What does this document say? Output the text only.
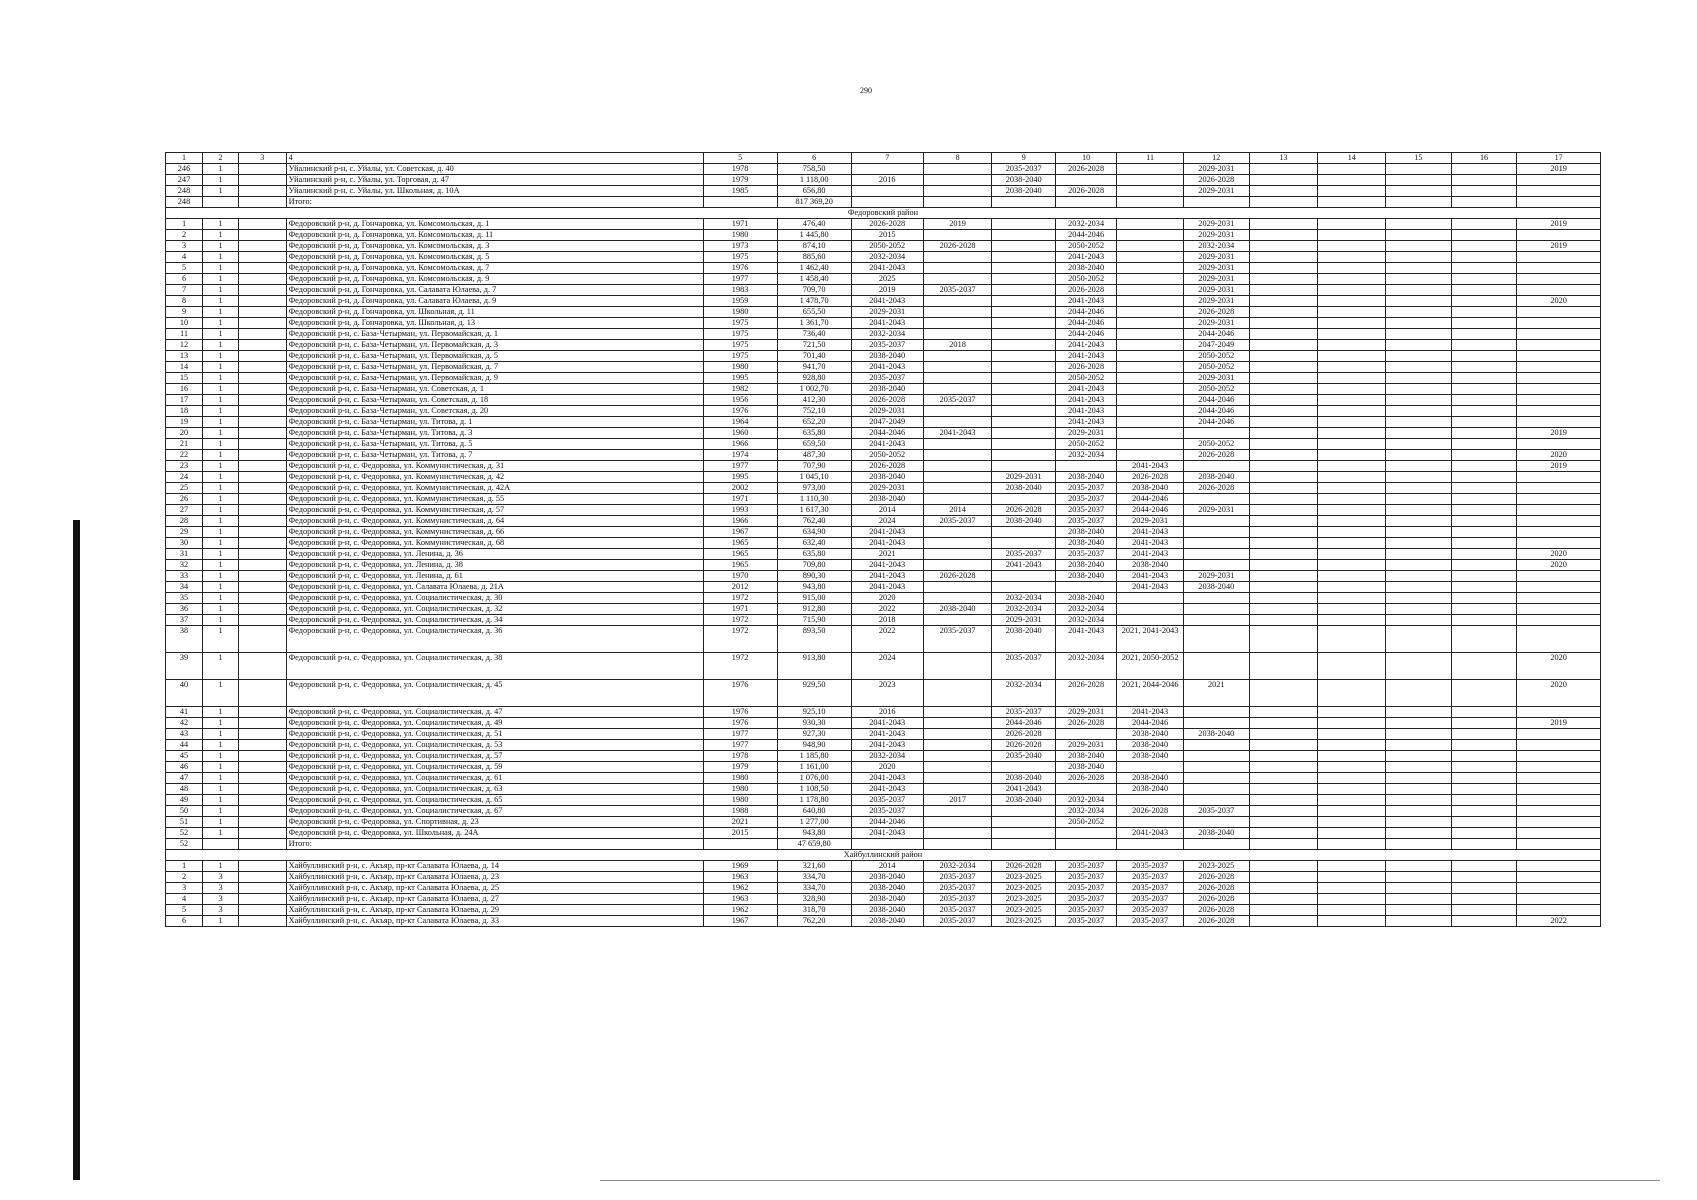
290
1	2	3	4	5	6	7	8	9	10	11	12	13	14	15	16	17
246	1		Уйалинский р-н, с. Уйалы, ул. Советская, д. 40	1978	758,50			2035-2037	2026-2028		2029-2031					2019
247	1		Уйалинский р-н, с. Уйалы, ул. Торговая, д. 47	1979	1 118,00	2016		2038-2040			2026-2028					
248	1		Уйалинский р-н, с. Уйалы, ул. Школьная, д. 10А	1985	656,80			2038-2040	2026-2028		2029-2031					
248			Итого:		817 369,20											
Федоровский район																
1	1		Федоровский р-н, д. Гончаровка, ул. Комсомольская, д. 1	1971	476,40	2026-2028	2019		2032-2034		2029-2031					2019
2	1		Федоровский р-н, д. Гончаровка, ул. Комсомольская, д. 11	1980	1 445,80	2015			2044-2046		2029-2031					
3	1		Федоровский р-н, д. Гончаровка, ул. Комсомольская, д. 3	1973	874,10	2050-2052	2026-2028		2050-2052		2032-2034					2019
4	1		Федоровский р-н, д. Гончаровка, ул. Комсомольская, д. 5	1975	885,60	2032-2034			2041-2043		2029-2031					
5	1		Федоровский р-н, д. Гончаровка, ул. Комсомольская, д. 7	1976	1 462,40	2041-2043			2038-2040		2029-2031					
6	1		Федоровский р-н, д. Гончаровка, ул. Комсомольская, д. 9	1977	1 458,40	2025			2050-2052		2029-2031					
7	1		Федоровский р-н, д. Гончаровка, ул. Салавата Юлаева, д. 7	1983	709,70	2019	2035-2037		2026-2028		2029-2031					
8	1		Федоровский р-н, д. Гончаровка, ул. Салавата Юлаева, д. 9	1959	1 478,70	2041-2043			2041-2043		2029-2031					2020
9	1		Федоровский р-н, д. Гончаровка, ул. Школьная, д. 11	1980	655,50	2029-2031			2044-2046		2026-2028					
10	1		Федоровский р-н, д. Гончаровка, ул. Школьная, д. 13	1975	1 361,70	2041-2043			2044-2046		2029-2031					
11	1		Федоровский р-н, с. База-Четырман, ул. Первомайская, д. 1	1975	736,40	2032-2034			2044-2046		2044-2046					
12	1		Федоровский р-н, с. База-Четырман, ул. Первомайская, д. 3	1975	721,50	2035-2037	2018		2041-2043		2047-2049					
13	1		Федоровский р-н, с. База-Четырман, ул. Первомайская, д. 5	1975	701,40	2038-2040			2041-2043		2050-2052					
14	1		Федоровский р-н, с. База-Четырман, ул. Первомайская, д. 7	1980	941,70	2041-2043			2026-2028		2050-2052					
15	1		Федоровский р-н, с. База-Четырман, ул. Первомайская, д. 9	1995	928,80	2035-2037			2050-2052		2029-2031					
16	1		Федоровский р-н, с. База-Четырман, ул. Советская, д. 1	1982	1 002,70	2038-2040			2041-2043		2050-2052					
17	1		Федоровский р-н, с. База-Четырман, ул. Советская, д. 18	1956	412,30	2026-2028	2035-2037		2041-2043		2044-2046					
18	1		Федоровский р-н, с. База-Четырман, ул. Советская, д. 20	1976	752,10	2029-2031			2041-2043		2044-2046					
19	1		Федоровский р-н, с. База-Четырман, ул. Титова, д. 1	1964	652,20	2047-2049			2041-2043		2044-2046					
20	1		Федоровский р-н, с. База-Четырман, ул. Титова, д. 3	1960	635,80	2044-2046	2041-2043		2029-2031							2019
21	1		Федоровский р-н, с. База-Четырман, ул. Титова, д. 5	1966	659,50	2041-2043			2050-2052		2050-2052					
22	1		Федоровский р-н, с. База-Четырман, ул. Титова, д. 7	1974	487,30	2050-2052			2032-2034		2026-2028					2020
23	1		Федоровский р-н, с. Федоровка, ул. Коммунистическая, д. 31	1977	707,90	2026-2028				2041-2043						2019
24	1		Федоровский р-н, с. Федоровка, ул. Коммунистическая, д. 42	1995	1 045,10	2038-2040		2029-2031	2038-2040	2026-2028	2038-2040					
25	1		Федоровский р-н, с. Федоровка, ул. Коммунистическая, д. 42А	2002	973,00	2029-2031		2038-2040	2035-2037	2038-2040	2026-2028					
26	1		Федоровский р-н, с. Федоровка, ул. Коммунистическая, д. 55	1971	1 110,30	2038-2040			2035-2037	2044-2046						
27	1		Федоровский р-н, с. Федоровка, ул. Коммунистическая, д. 57	1993	1 617,30	2014	2014	2026-2028	2035-2037	2044-2046	2029-2031					
28	1		Федоровский р-н, с. Федоровка, ул. Коммунистическая, д. 64	1966	762,40	2024	2035-2037	2038-2040	2035-2037	2029-2031						
29	1		Федоровский р-н, с. Федоровка, ул. Коммунистическая, д. 66	1967	634,90	2041-2043			2038-2040	2041-2043						
30	1		Федоровский р-н, с. Федоровка, ул. Коммунистическая, д. 68	1965	632,40	2041-2043			2038-2040	2041-2043						
31	1		Федоровский р-н, с. Федоровка, ул. Ленина, д. 36	1965	635,80	2021		2035-2037	2035-2037	2041-2043						2020
32	1		Федоровский р-н, с. Федоровка, ул. Ленина, д. 38	1965	709,80	2041-2043		2041-2043	2038-2040	2038-2040						2020
33	1		Федоровский р-н, с. Федоровка, ул. Ленина, д. 61	1970	890,30	2041-2043	2026-2028		2038-2040	2041-2043	2029-2031					
34	1		Федоровский р-н, с. Федоровка, ул. Салавата Юлаева, д. 21А	2012	943,80	2041-2043				2041-2043	2038-2040					
35	1		Федоровский р-н, с. Федоровка, ул. Социалистическая, д. 30	1972	915,00	2020		2032-2034	2038-2040							
36	1		Федоровский р-н, с. Федоровка, ул. Социалистическая, д. 32	1971	912,80	2022	2038-2040	2032-2034	2032-2034							
37	1		Федоровский р-н, с. Федоровка, ул. Социалистическая, д. 34	1972	715,90	2018		2029-2031	2032-2034							
38	1		Федоровский р-н, с. Федоровка, ул. Социалистическая, д. 36	1972	893,50	2022	2035-2037	2038-2040	2041-2043	2021, 2041-2043						
39	1		Федоровский р-н, с. Федоровка, ул. Социалистическая, д. 38	1972	913,80	2024		2035-2037	2032-2034	2021, 2050-2052						2020
40	1		Федоровский р-н, с. Федоровка, ул. Социалистическая, д. 45	1976	929,50	2023		2032-2034	2026-2028	2021, 2044-2046	2021					2020
41	1		Федоровский р-н, с. Федоровка, ул. Социалистическая, д. 47	1976	925,10	2016		2035-2037	2029-2031	2041-2043						
42	1		Федоровский р-н, с. Федоровка, ул. Социалистическая, д. 49	1976	930,30	2041-2043		2044-2046	2026-2028	2044-2046						2019
43	1		Федоровский р-н, с. Федоровка, ул. Социалистическая, д. 51	1977	927,30	2041-2043		2026-2028		2038-2040	2038-2040					
44	1		Федоровский р-н, с. Федоровка, ул. Социалистическая, д. 53	1977	948,90	2041-2043		2026-2028	2029-2031	2038-2040						
45	1		Федоровский р-н, с. Федоровка, ул. Социалистическая, д. 57	1978	1 185,80	2032-2034		2035-2040	2038-2040	2038-2040						
46	1		Федоровский р-н, с. Федоровка, ул. Социалистическая, д. 59	1979	1 161,00	2020			2038-2040							
47	1		Федоровский р-н, с. Федоровка, ул. Социалистическая, д. 61	1980	1 076,00	2041-2043		2038-2040	2026-2028	2038-2040						
48	1		Федоровский р-н, с. Федоровка, ул. Социалистическая, д. 63	1980	1 108,50	2041-2043		2041-2043		2038-2040						
49	1		Федоровский р-н, с. Федоровка, ул. Социалистическая, д. 65	1980	1 178,80	2035-2037	2017	2038-2040	2032-2034							
50	1		Федоровский р-н, с. Федоровка, ул. Социалистическая, д. 67	1988	640,80	2035-2037			2032-2034	2026-2028	2035-2037					
51	1		Федоровский р-н, с. Федоровка, ул. Спортивная, д. 23	2021	1 277,00	2044-2046			2050-2052							
52	1		Федоровский р-н, с. Федоровка, ул. Школьная, д. 24А	2015	943,80	2041-2043				2041-2043	2038-2040					
52			Итого:		47 659,80											
Хайбуллинский район																
1	1		Хайбуллинский р-н, с. Акъяр, пр-кт Салавата Юлаева, д. 14	1969	321,60	2014	2032-2034	2026-2028	2035-2037	2035-2037	2023-2025					
2	3		Хайбуллинский р-н, с. Акъяр, пр-кт Салавата Юлаева, д. 23	1963	334,70	2038-2040	2035-2037	2023-2025	2035-2037	2035-2037	2026-2028					
3	3		Хайбуллинский р-н, с. Акъяр, пр-кт Салавата Юлаева, д. 25	1962	334,70	2038-2040	2035-2037	2023-2025	2035-2037	2035-2037	2026-2028					
4	3		Хайбуллинский р-н, с. Акъяр, пр-кт Салавата Юлаева, д. 27	1963	328,90	2038-2040	2035-2037	2023-2025	2035-2037	2035-2037	2026-2028					
5	3		Хайбуллинский р-н, с. Акъяр, пр-кт Салавата Юлаева, д. 29	1962	318,70	2038-2040	2035-2037	2023-2025	2035-2037	2035-2037	2026-2028					
6	1		Хайбуллинский р-н, с. Акъяр, пр-кт Салавата Юлаева, д. 33	1967	762,20	2038-2040	2035-2037	2023-2025	2035-2037	2035-2037	2026-2028					2022
